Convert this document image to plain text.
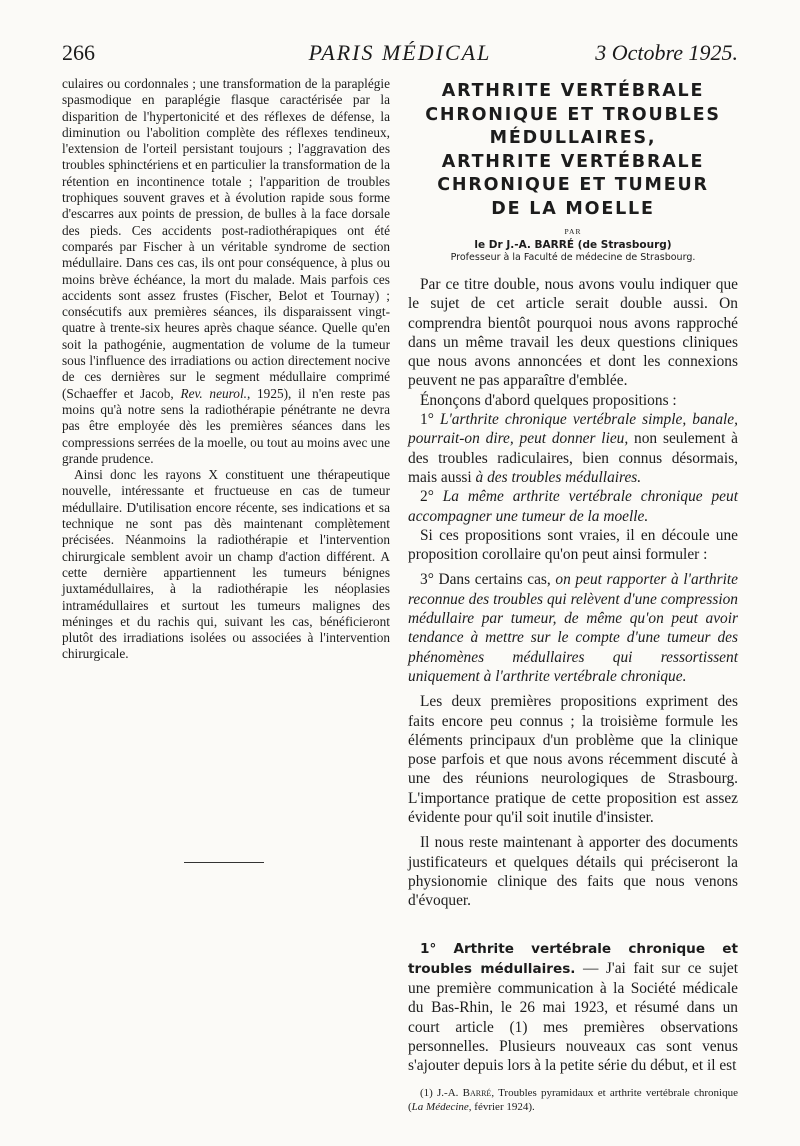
266	PARIS MÉDICAL	3 Octobre 1925.

culaires ou cordonnales ; une transformation de la paraplégie spasmodique en paraplégie flasque caractérisée par la disparition de l'hypertonicité et des réflexes de défense, la diminution ou l'abolition complète des réflexes tendineux, l'extension de l'orteil persistant toujours ; l'aggravation des troubles sphinctériens et en particulier la transformation de la rétention en incontinence totale ; l'apparition de troubles trophiques souvent graves et à évolution rapide sous forme d'escarres aux points de pression, de bulles à la face dorsale des pieds. Ces accidents post-radiothérapiques ont été comparés par Fischer à un véritable syndrome de section médullaire. Dans ces cas, ils ont pour conséquence, à plus ou moins brève échéance, la mort du malade. Mais parfois ces accidents sont assez frustes (Fischer, Belot et Tournay) ; consécutifs aux premières séances, ils disparaissent vingt-quatre à trente-six heures après chaque séance. Quelle qu'en soit la pathogénie, augmentation de volume de la tumeur sous l'influence des irradiations ou action directement nocive de ces dernières sur le segment médullaire comprimé (Schaeffer et Jacob, Rev. neurol., 1925), il n'en reste pas moins qu'à notre sens la radiothérapie pénétrante ne devra pas être employée dès les premières séances dans les compressions serrées de la moelle, ou tout au moins avec une grande prudence.

Ainsi donc les rayons X constituent une thérapeutique nouvelle, intéressante et fructueuse en cas de tumeur médullaire. D'utilisation encore récente, ses indications et sa technique ne sont pas dès maintenant complètement précisées. Néanmoins la radiothérapie et l'intervention chirurgicale semblent avoir un champ d'action différent. A cette dernière appartiennent les tumeurs bénignes juxtamédullaires, à la radiothérapie les néoplasies intramédullaires et surtout les tumeurs malignes des méninges et du rachis qui, suivant les cas, bénéficieront plutôt des irradiations isolées ou associées à l'intervention chirurgicale.

ARTHRITE VERTÉBRALE
CHRONIQUE ET TROUBLES
MÉDULLAIRES,
ARTHRITE VERTÉBRALE
CHRONIQUE ET TUMEUR
DE LA MOELLE
PAR
le Dr J.-A. BARRÉ (de Strasbourg)
Professeur à la Faculté de médecine de Strasbourg.

Par ce titre double, nous avons voulu indiquer que le sujet de cet article serait double aussi. On comprendra bientôt pourquoi nous avons rapproché dans un même travail les deux questions cliniques que nous avons annoncées et dont les connexions peuvent ne pas apparaître d'emblée.

Énonçons d'abord quelques propositions :

1° L'arthrite chronique vertébrale simple, banale, pourrait-on dire, peut donner lieu, non seulement à des troubles radiculaires, bien connus désormais, mais aussi à des troubles médullaires.

2° La même arthrite vertébrale chronique peut accompagner une tumeur de la moelle.

Si ces propositions sont vraies, il en découle une proposition corollaire qu'on peut ainsi formuler :

3° Dans certains cas, on peut rapporter à l'arthrite reconnue des troubles qui relèvent d'une compression médullaire par tumeur, de même qu'on peut avoir tendance à mettre sur le compte d'une tumeur des phénomènes médullaires qui ressortissent uniquement à l'arthrite vertébrale chronique.

Les deux premières propositions expriment des faits encore peu connus ; la troisième formule les éléments principaux d'un problème que la clinique pose parfois et que nous avons récemment discuté à une des réunions neurologiques de Strasbourg. L'importance pratique de cette proposition est assez évidente pour qu'il soit inutile d'insister.

Il nous reste maintenant à apporter des documents justificateurs et quelques détails qui préciseront la physionomie clinique des faits que nous venons d'évoquer.

1° Arthrite vertébrale chronique et troubles médullaires. — J'ai fait sur ce sujet une première communication à la Société médicale du Bas-Rhin, le 26 mai 1923, et résumé dans un court article (1) mes premières observations personnelles. Plusieurs nouveaux cas sont venus s'ajouter depuis lors à la petite série du début, et il est

(1) J.-A. Barré, Troubles pyramidaux et arthrite vertébrale chronique (La Médecine, février 1924).
